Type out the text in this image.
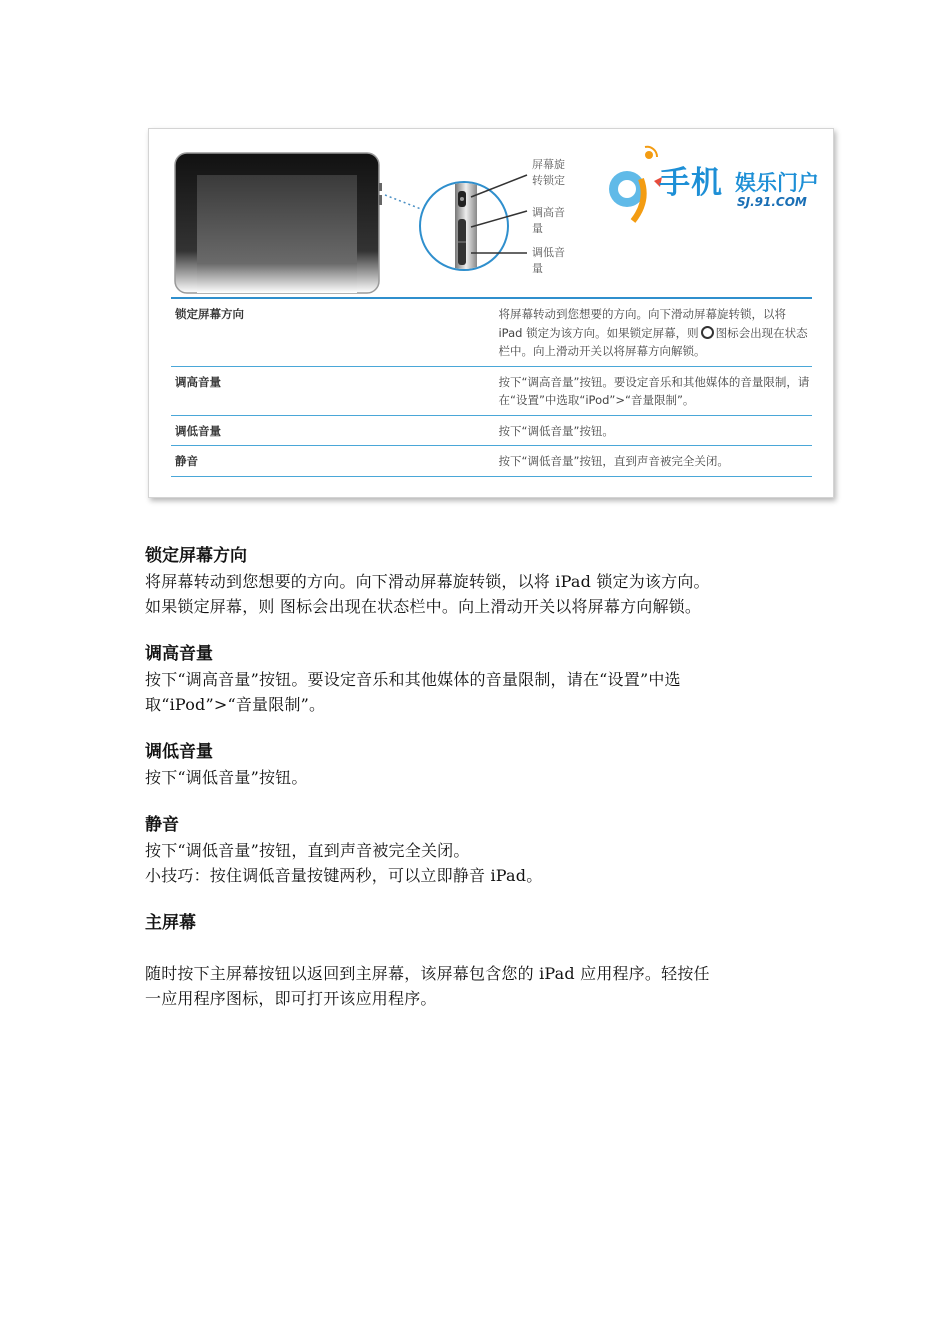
屏幕旋转锁定
调高音量
调低音量
手机 娱乐门户
SJ.91.COM
锁定屏幕方向	将屏幕转动到您想要的方向。向下滑动屏幕旋转锁，以将 iPad 锁定为该方向。如果锁定屏幕，则 图标会出现在状态栏中。向上滑动开关以将屏幕方向解锁。
调高音量	按下“调高音量”按钮。要设定音乐和其他媒体的音量限制，请在“设置”中选取“iPod”>“音量限制”。
调低音量	按下“调低音量”按钮。
静音	按下“调低音量”按钮，直到声音被完全关闭。

锁定屏幕方向

将屏幕转动到您想要的方向。向下滑动屏幕旋转锁，以将 iPad 锁定为该方向。

如果锁定屏幕，则 图标会出现在状态栏中。向上滑动开关以将屏幕方向解锁。

调高音量

按下“调高音量”按钮。要设定音乐和其他媒体的音量限制，请在“设置”中选

取“iPod”>“音量限制”。

调低音量

按下“调低音量”按钮。

静音

按下“调低音量”按钮，直到声音被完全关闭。

小技巧：按住调低音量按键两秒，可以立即静音 iPad。

主屏幕

随时按下主屏幕按钮以返回到主屏幕，该屏幕包含您的 iPad 应用程序。轻按任

一应用程序图标，即可打开该应用程序。
